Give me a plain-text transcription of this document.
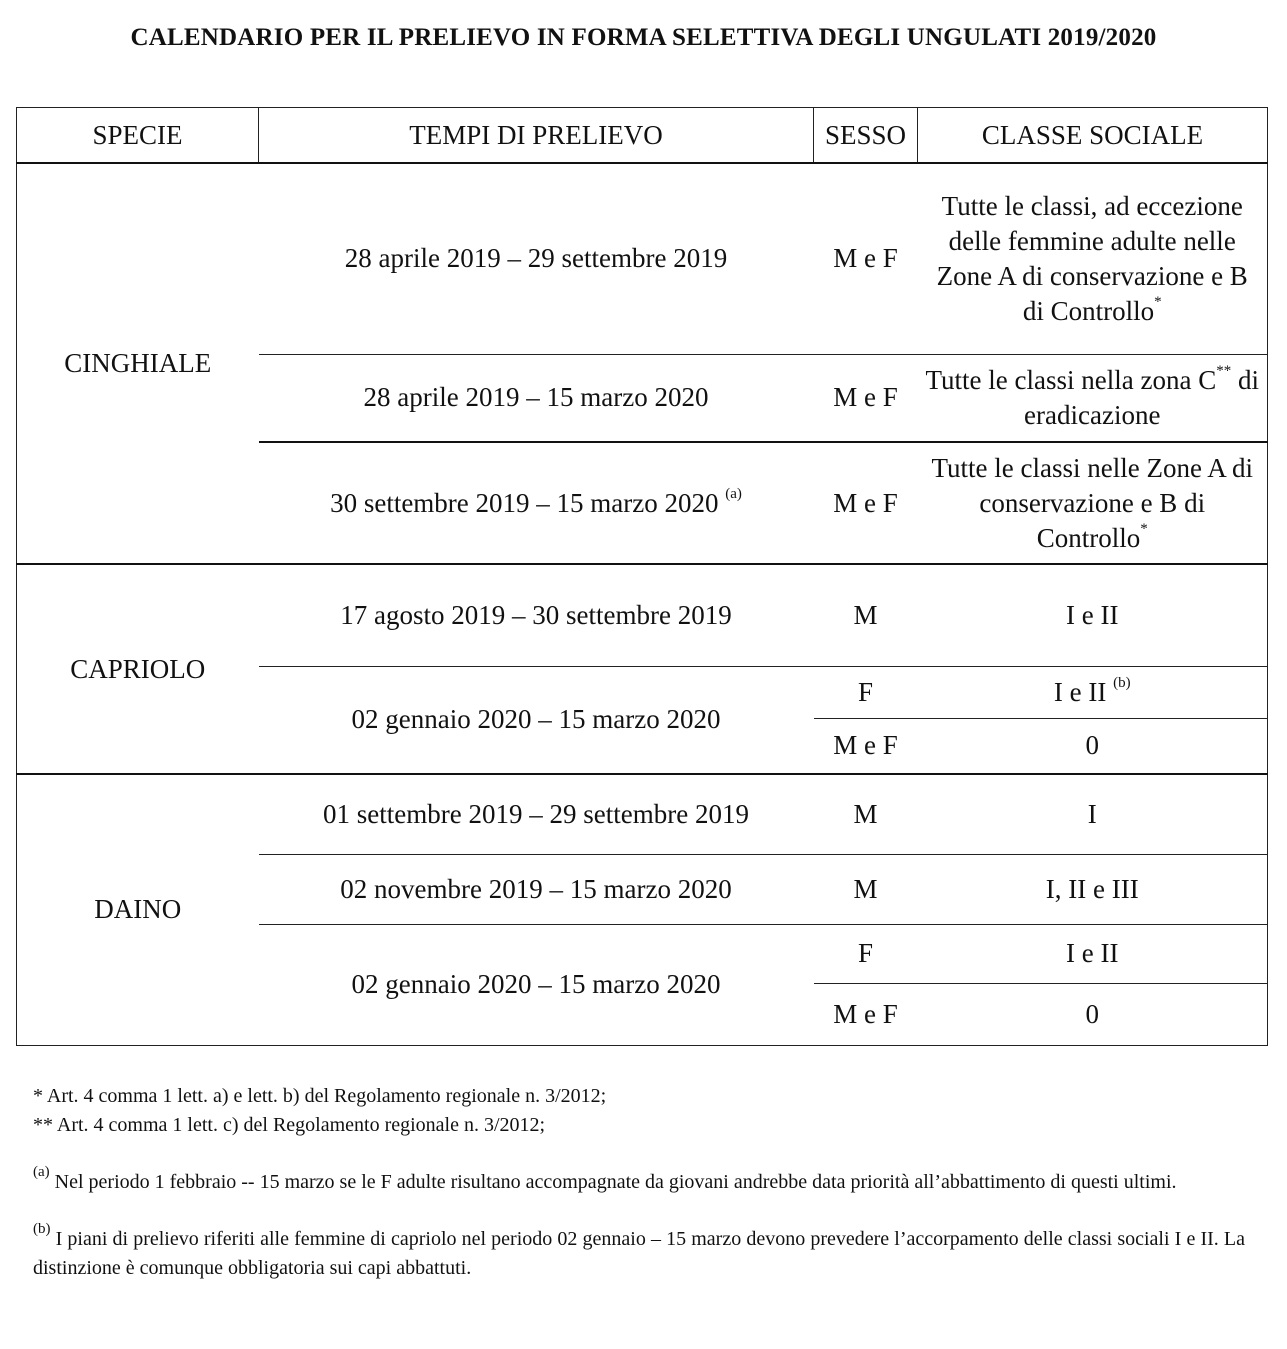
CALENDARIO PER IL PRELIEVO IN FORMA SELETTIVA DEGLI UNGULATI 2019/2020
SPECIE	TEMPI DI PRELIEVO	SESSO	CLASSE SOCIALE
CINGHIALE	28 aprile 2019 – 29 settembre 2019	M e F	Tutte le classi, ad eccezione delle femmine adulte nelle Zone A di conservazione e B di Controllo*
	28 aprile 2019 – 15 marzo 2020	M e F	Tutte le classi nella zona C** di eradicazione
	30 settembre 2019 – 15 marzo 2020 $^{(a)}$	M e F	Tutte le classi nelle Zone A di conservazione e B di Controllo*
CAPRIOLO	17 agosto 2019 – 30 settembre 2019	M	I e II
	02 gennaio 2020 – 15 marzo 2020	F	I e II $^{(b)}$
		M e F	0
DAINO	01 settembre 2019 – 29 settembre 2019	M	I
	02 novembre 2019 – 15 marzo 2020	M	I, II e III
	02 gennaio 2020 – 15 marzo 2020	F	I e II
		M e F	0

* Art. 4 comma 1 lett. a) e lett. b) del Regolamento regionale n. 3/2012;

** Art. 4 comma 1 lett. c) del Regolamento regionale n. 3/2012;

$^{(a)}$ Nel periodo 1 febbraio -- 15 marzo se le F adulte risultano accompagnate da giovani andrebbe data priorità all’abbattimento di questi ultimi.

$^{(b)}$ I piani di prelievo riferiti alle femmine di capriolo nel periodo 02 gennaio – 15 marzo devono prevedere l’accorpamento delle classi sociali I e II. La distinzione è comunque obbligatoria sui capi abbattuti.
